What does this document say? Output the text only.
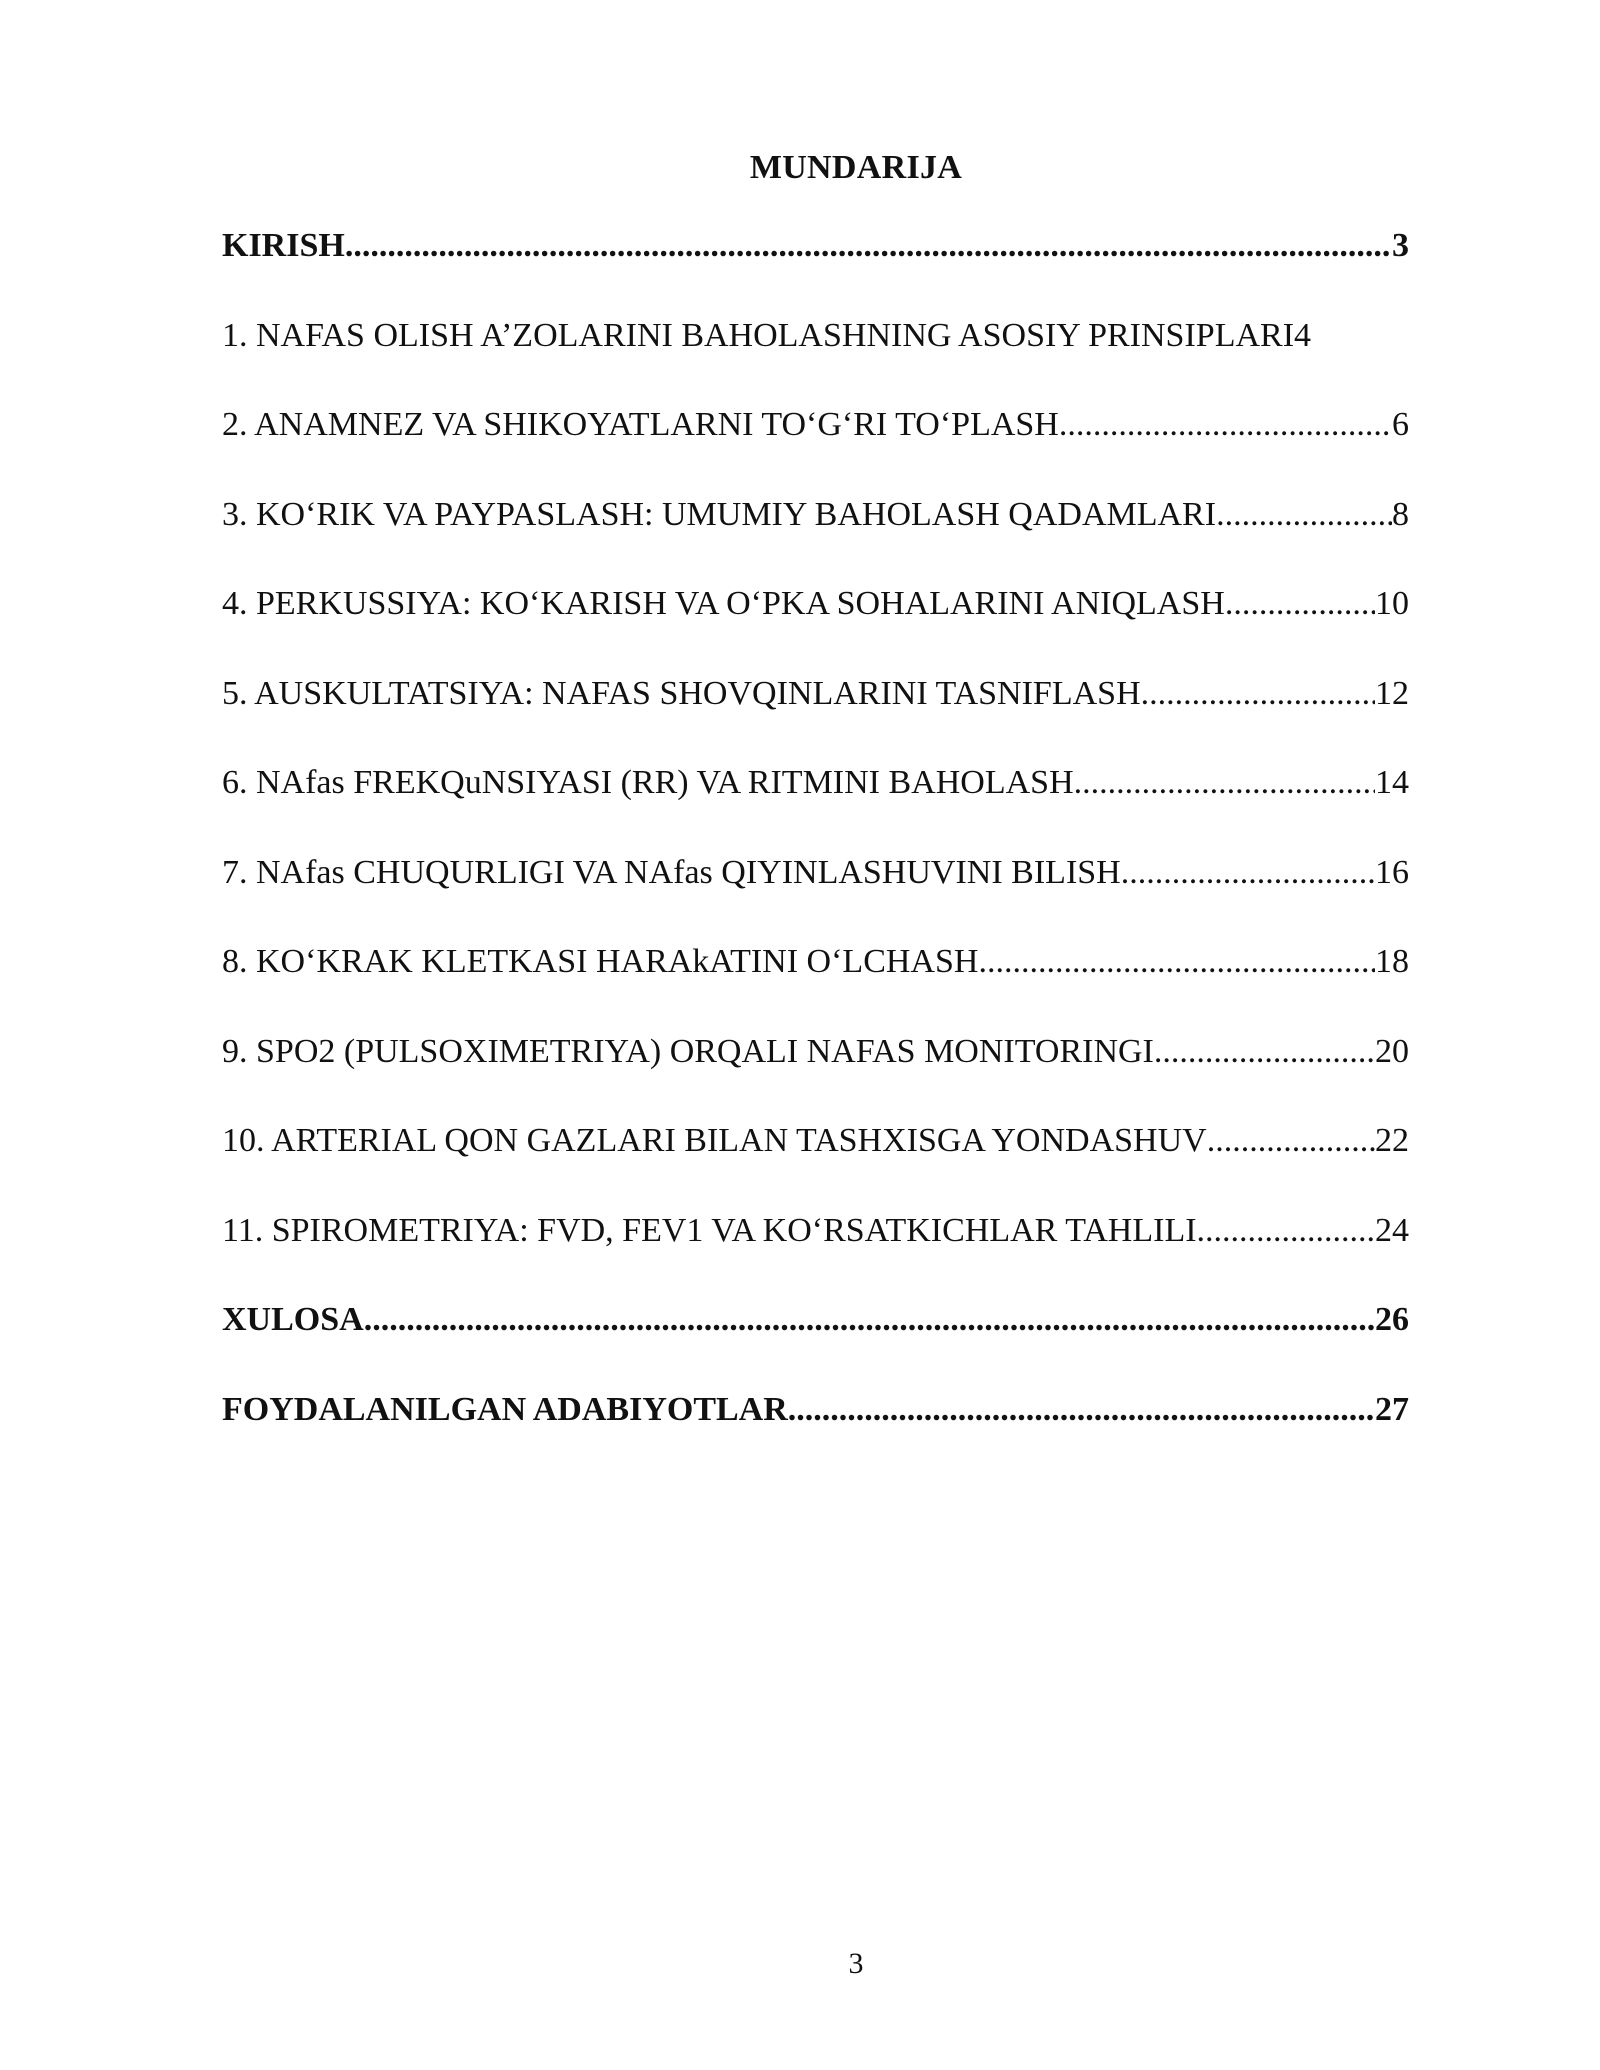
MUNDARIJA
KIRISH .....	3
1. NAFAS OLISH A’ZOLARINI BAHOLASHNING ASOSIY PRINSIPLARI 4
2. ANAMNEZ VA SHIKOYATLARNI TO‘G‘RI TO‘PLASH .....	6
3. KO‘RIK VA PAYPASLASH: UMUMIY BAHOLASH QADAMLARI .....	8
4. PERKUSSIYA: KO‘KARISH VA O‘PKA SOHALARINI ANIQLASH .....	10
5. AUSKULTATSIYA: NAFAS SHOVQINLARINI TASNIFLASH .....	12
6. NAfas FREKQuNSIYASI (RR) VA RITMINI BAHOLASH .....	14
7. NAfas CHUQURLIGI VA NAfas QIYINLASHUVINI BILISH .....	16
8. KO‘KRAK KLETKASI HARAkATINI O‘LCHASH .....	18
9. SPO2 (PULSOXIMETRIYA) ORQALI NAFAS MONITORINGI .....	20
10. ARTERIAL QON GAZLARI BILAN TASHXISGA YONDASHUV .....	22
11. SPIROMETRIYA: FVD, FEV1 VA KO‘RSATKICHLAR TAHLILI .....	24
XULOSA .....	26
FOYDALANILGAN ADABIYOTLAR .....	27
3
